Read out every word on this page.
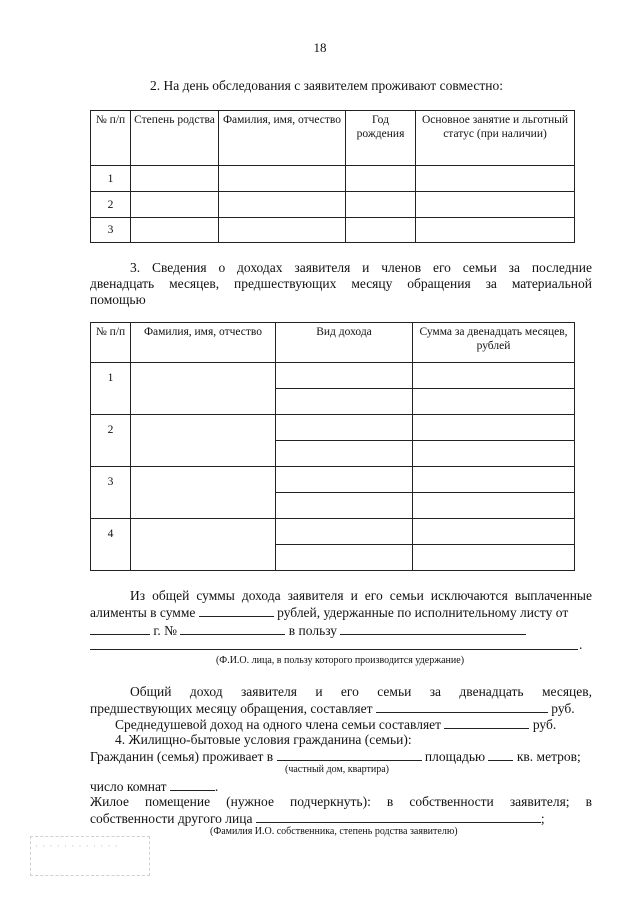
18
2. На день обследования с заявителем проживают совместно:
№ п/п	Степень родства	Фамилия, имя, отчество	Год рождения	Основное занятие и льготный статус (при наличии)
1				
2				
3				
3. Сведения о доходах заявителя и членов его семьи за последние
двенадцать месяцев, предшествующих месяцу обращения за материальной
помощью
№ п/п	Фамилия, имя, отчество	Вид дохода	Сумма за двенадцать месяцев, рублей
1			

2			

3			

4			

Из общей суммы дохода заявителя и его семьи исключаются выплаченные
алименты в сумме	рублей, удержанные по исполнительному листу от
г. №	в пользу
.
(Ф.И.О. лица, в пользу которого производится удержание)
Общий доход заявителя и его семьи за двенадцать месяцев,
предшествующих месяцу обращения, составляет	руб.
Среднедушевой доход на одного члена семьи составляет	руб.
4. Жилищно-бытовые условия гражданина (семьи):
Гражданин (семья) проживает в	площадью кв. метров;
(частный дом, квартира)
число комнат	.
Жилое помещение (нужное подчеркнуть): в собственности заявителя; в
собственности другого лица	;
(Фамилия И.О. собственника, степень родства заявителю)
· · · · · · · · · · · ·
